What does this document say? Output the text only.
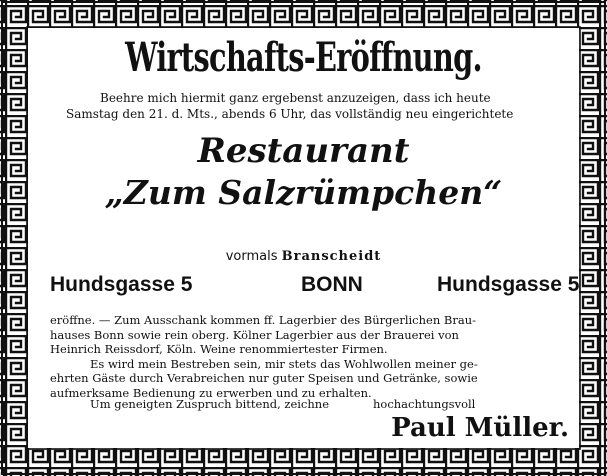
Wirtschafts-Eröffnung.
Beehre mich hiermit ganz ergebenst anzuzeigen, dass ich heute
Samstag den 21. d. Mts., abends 6 Uhr, das vollständig neu eingerichtete
Restaurant
„Zum Salzrümpchen“
vormals Branscheidt
Hundsgasse 5	BONN	Hundsgasse 5
eröffne. — Zum Ausschank kommen ff. Lagerbier des Bürgerlichen Brau-
hauses Bonn sowie rein oberg. Kölner Lagerbier aus der Brauerei von
Heinrich Reissdorf, Köln. Weine renommiertester Firmen.
Es wird mein Bestreben sein, mir stets das Wohlwollen meiner ge-
ehrten Gäste durch Verabreichen nur guter Speisen und Getränke, sowie
aufmerksame Bedienung zu erwerben und zu erhalten.
Um geneigten Zuspruch bittend, zeichne	hochachtungsvoll
Paul Müller.
